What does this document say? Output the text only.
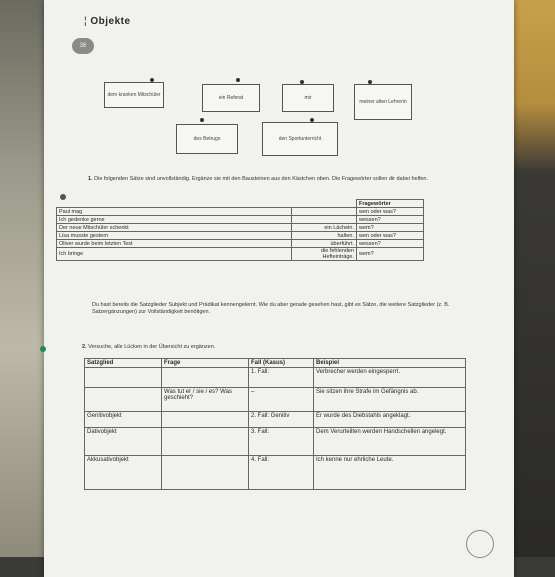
¦ Objekte
36
dem kranken Mitschüler	ein Referat	mir
meiner alten Lehrerin
des Betrugs	den Sportunterricht
1. Die folgenden Sätze sind unvollständig. Ergänze sie mit den Bausteinen aus den Kästchen oben. Die Fragewörter sollen dir dabei helfen.
		Fragewörter
Paul mag		wen oder was?
Ich gedenke gerne		wessen?
Der neue Mitschüler schenkt	ein Lächeln.	wem?
Lisa musste gestern	halten.	wen oder was?
Oliver wurde beim letzten Test	überführt.	wessen?
Ich bringe	die fehlenden Hefteinträge.	wem?
Du hast bereits die Satzglieder Subjekt und Prädikat kennengelernt. Wie du aber gerade gesehen hast, gibt es Sätze, die weitere Satzglieder (z. B. Satzergänzungen) zur Vollständigkeit benötigen.
2. Versuche, alle Lücken in der Übersicht zu ergänzen.
Satzglied	Frage	Fall (Kasus)	Beispiel
		1. Fall:	Verbrecher werden eingesperrt.
	Was tut er / sie / es? Was geschieht?	–	Sie sitzen ihre Strafe im Gefängnis ab.
Genitivobjekt		2. Fall: Genitiv	Er wurde des Diebstahls angeklagt.
Dativobjekt		3. Fall:	Dem Verurteilten werden Handschellen angelegt.
Akkusativobjekt		4. Fall:	Ich kenne nur ehrliche Leute.
